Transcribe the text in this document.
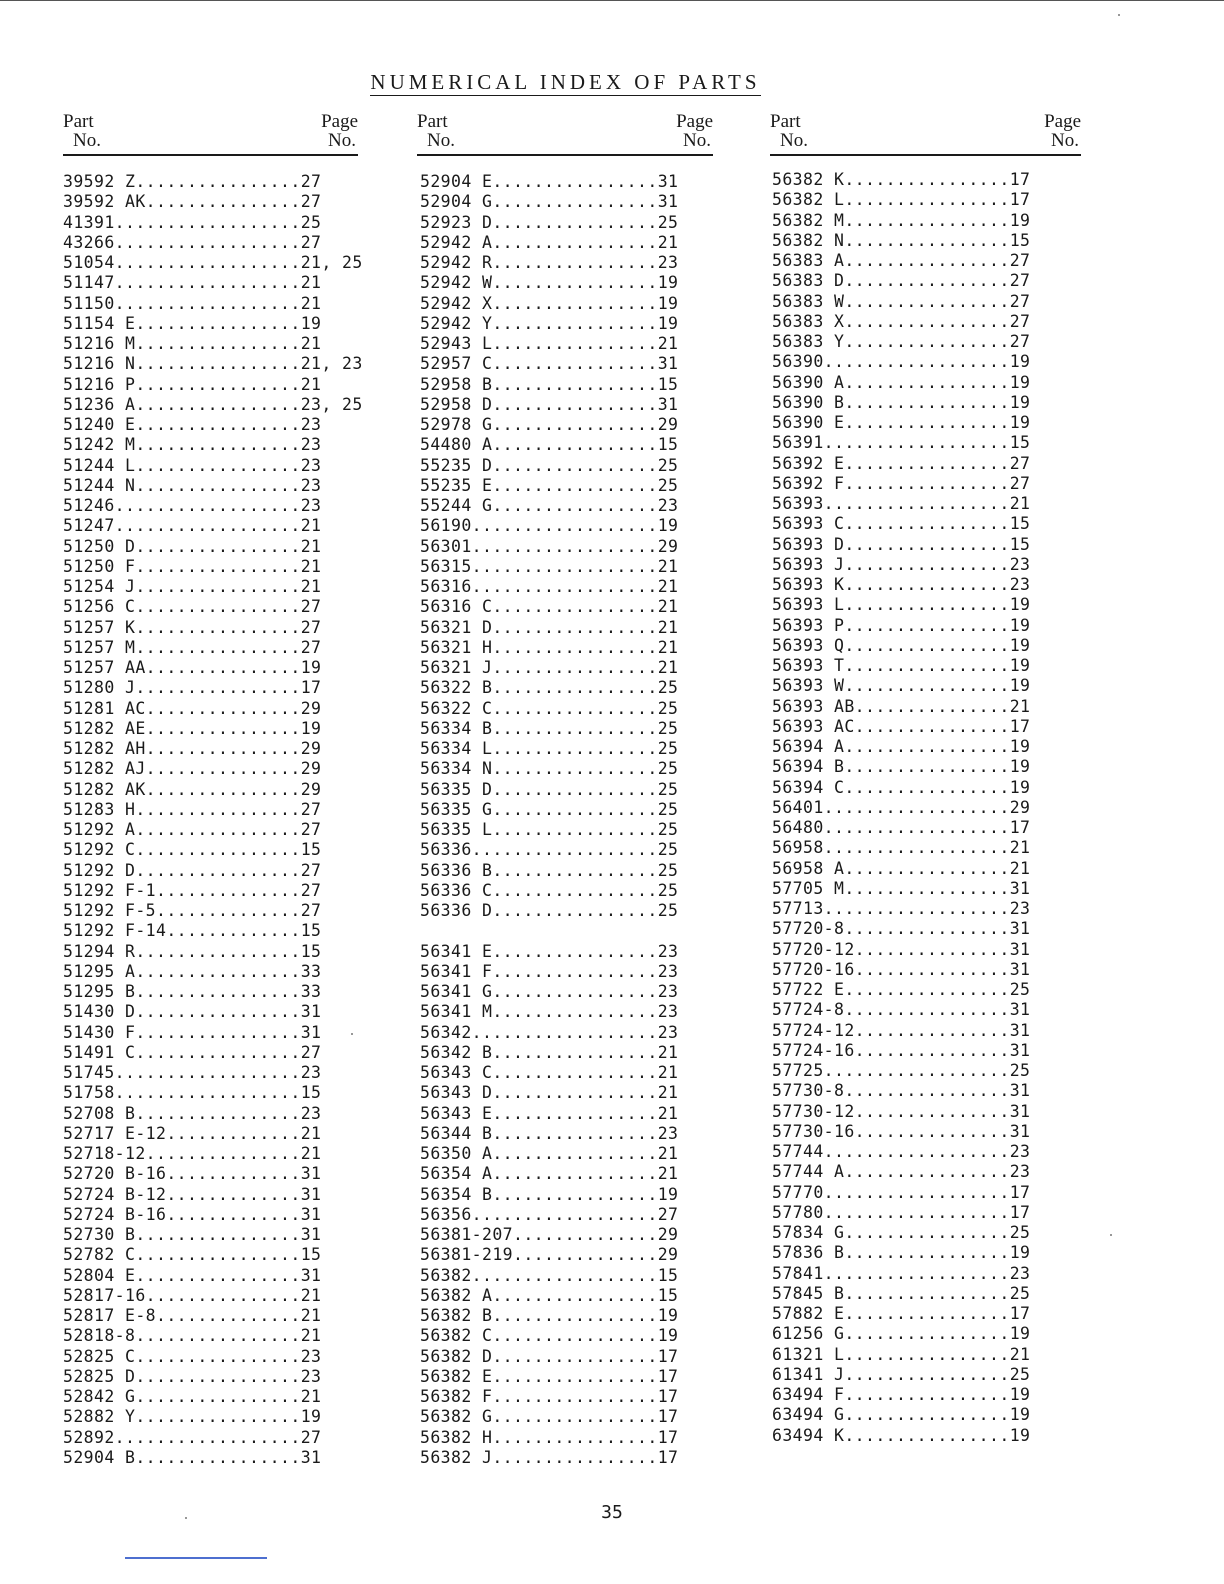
NUMERICAL INDEX OF PARTS
Part
No.
Page
No.
39592 Z................27
39592 AK...............27
41391..................25
43266..................27
51054..................21, 25
51147..................21
51150..................21
51154 E................19
51216 M................21
51216 N................21, 23
51216 P................21
51236 A................23, 25
51240 E................23
51242 M................23
51244 L................23
51244 N................23
51246..................23
51247..................21
51250 D................21
51250 F................21
51254 J................21
51256 C................27
51257 K................27
51257 M................27
51257 AA...............19
51280 J................17
51281 AC...............29
51282 AE...............19
51282 AH...............29
51282 AJ...............29
51282 AK...............29
51283 H................27
51292 A................27
51292 C................15
51292 D................27
51292 F-1..............27
51292 F-5..............27
51292 F-14.............15
51294 R................15
51295 A................33
51295 B................33
51430 D................31
51430 F................31
51491 C................27
51745..................23
51758..................15
52708 B................23
52717 E-12.............21
52718-12...............21
52720 B-16.............31
52724 B-12.............31
52724 B-16.............31
52730 B................31
52782 C................15
52804 E................31
52817-16...............21
52817 E-8..............21
52818-8................21
52825 C................23
52825 D................23
52842 G................21
52882 Y................19
52892..................27
52904 B................31
Part
No.
Page
No.
52904 E................31
52904 G................31
52923 D................25
52942 A................21
52942 R................23
52942 W................19
52942 X................19
52942 Y................19
52943 L................21
52957 C................31
52958 B................15
52958 D................31
52978 G................29
54480 A................15
55235 D................25
55235 E................25
55244 G................23
56190..................19
56301..................29
56315..................21
56316..................21
56316 C................21
56321 D................21
56321 H................21
56321 J................21
56322 B................25
56322 C................25
56334 B................25
56334 L................25
56334 N................25
56335 D................25
56335 G................25
56335 L................25
56336..................25
56336 B................25
56336 C................25
56336 D................25
56341 E................23
56341 F................23
56341 G................23
56341 M................23
56342..................23
56342 B................21
56343 C................21
56343 D................21
56343 E................21
56344 B................23
56350 A................21
56354 A................21
56354 B................19
56356..................27
56381-207..............29
56381-219..............29
56382..................15
56382 A................15
56382 B................19
56382 C................19
56382 D................17
56382 E................17
56382 F................17
56382 G................17
56382 H................17
56382 J................17
Part
No.
Page
No.
56382 K................17
56382 L................17
56382 M................19
56382 N................15
56383 A................27
56383 D................27
56383 W................27
56383 X................27
56383 Y................27
56390..................19
56390 A................19
56390 B................19
56390 E................19
56391..................15
56392 E................27
56392 F................27
56393..................21
56393 C................15
56393 D................15
56393 J................23
56393 K................23
56393 L................19
56393 P................19
56393 Q................19
56393 T................19
56393 W................19
56393 AB...............21
56393 AC...............17
56394 A................19
56394 B................19
56394 C................19
56401..................29
56480..................17
56958..................21
56958 A................21
57705 M................31
57713..................23
57720-8................31
57720-12...............31
57720-16...............31
57722 E................25
57724-8................31
57724-12...............31
57724-16...............31
57725..................25
57730-8................31
57730-12...............31
57730-16...............31
57744..................23
57744 A................23
57770..................17
57780..................17
57834 G................25
57836 B................19
57841..................23
57845 B................25
57882 E................17
61256 G................19
61321 L................21
61341 J................25
63494 F................19
63494 G................19
63494 K................19
35
